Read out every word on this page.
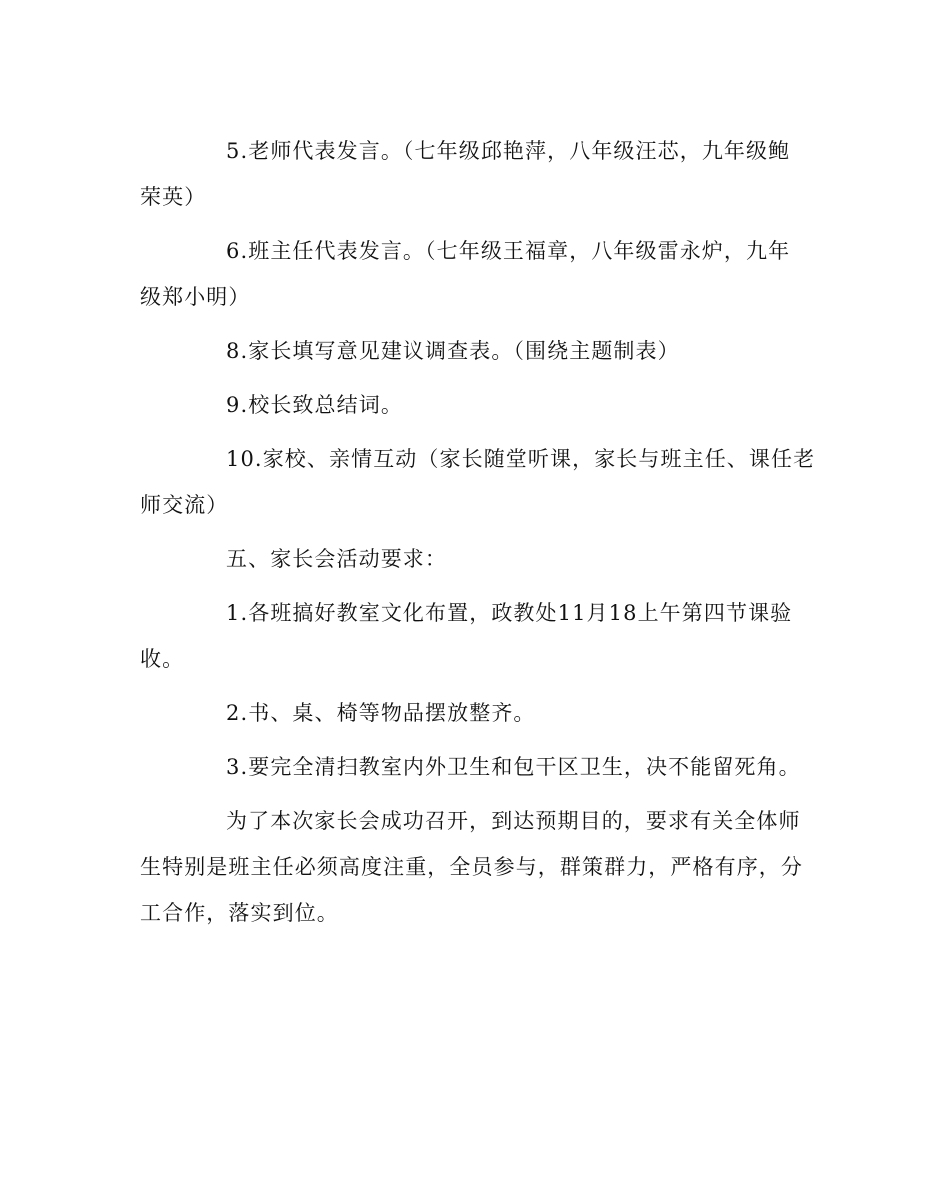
5.老师代表发言。（七年级邱艳萍，八年级汪芯，九年级鲍
荣英）

6.班主任代表发言。（七年级王福章，八年级雷永炉，九年
级郑小明）

8.家长填写意见建议调查表。（围绕主题制表）

9.校长致总结词。

10.家校、亲情互动（家长随堂听课，家长与班主任、课任老
师交流）

五、家长会活动要求：

1.各班搞好教室文化布置，政教处11月18上午第四节课验
收。

2.书、桌、椅等物品摆放整齐。

3.要完全清扫教室内外卫生和包干区卫生，决不能留死角。

为了本次家长会成功召开，到达预期目的，要求有关全体师
生特别是班主任必须高度注重，全员参与，群策群力，严格有序，分
工合作，落实到位。
